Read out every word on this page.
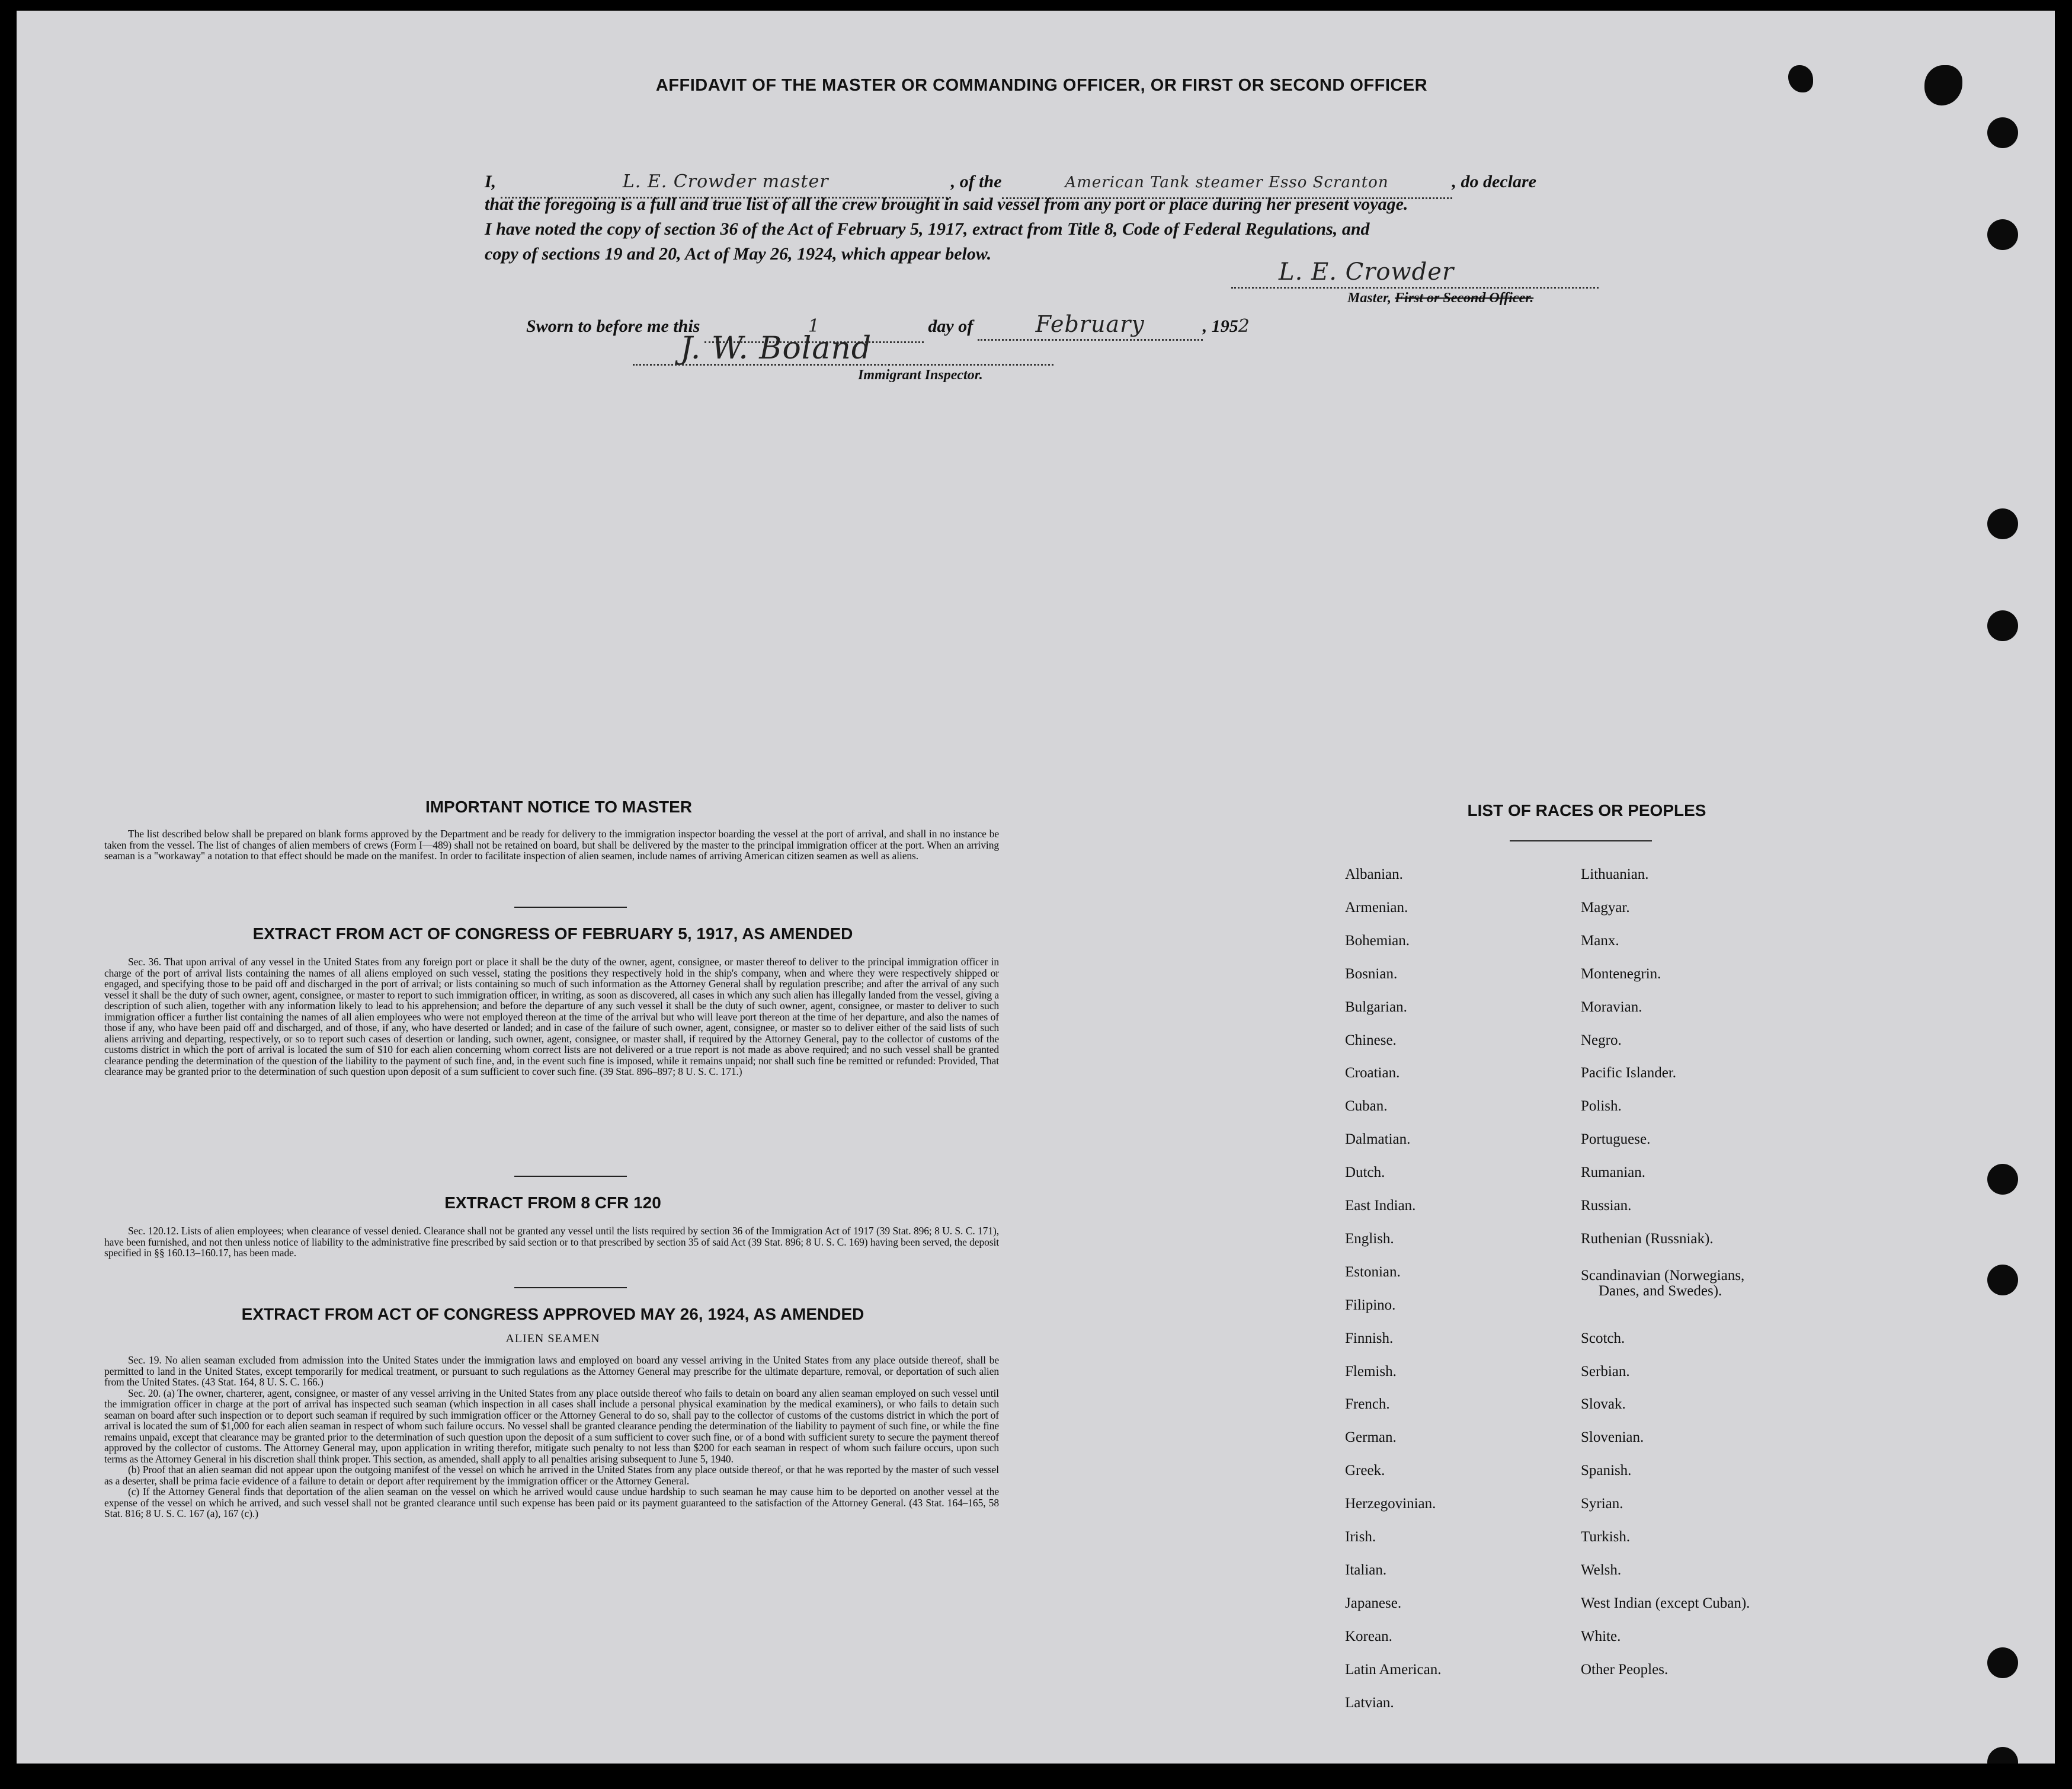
AFFIDAVIT OF THE MASTER OR COMMANDING OFFICER, OR FIRST OR SECOND OFFICER
I,	L. E. Crowder master	, of the	American Tank steamer Esso Scranton	, do declare
that the foregoing is a full and true list of all the crew brought in said vessel from any port or place during her present voyage.
I have noted the copy of section 36 of the Act of February 5, 1917, extract from Title 8, Code of Federal Regulations, and
copy of sections 19 and 20, Act of May 26, 1924, which appear below.
L. E. Crowder
Master, First or Second Officer.
Sworn to before me this	1	day of	February	, 1952
J. W. Boland
Immigrant Inspector.
IMPORTANT NOTICE TO MASTER

The list described below shall be prepared on blank forms approved by the Department and be ready for delivery to the immigration inspector boarding the vessel at the port of arrival, and shall in no instance be taken from the vessel. The list of changes of alien members of crews (Form I—489) shall not be retained on board, but shall be delivered by the master to the principal immigration officer at the port. When an arriving seaman is a "workaway" a notation to that effect should be made on the manifest. In order to facilitate inspection of alien seamen, include names of arriving American citizen seamen as well as aliens.

EXTRACT FROM ACT OF CONGRESS OF FEBRUARY 5, 1917, AS AMENDED

Sec. 36. That upon arrival of any vessel in the United States from any foreign port or place it shall be the duty of the owner, agent, consignee, or master thereof to deliver to the principal immigration officer in charge of the port of arrival lists containing the names of all aliens employed on such vessel, stating the positions they respectively hold in the ship's company, when and where they were respectively shipped or engaged, and specifying those to be paid off and discharged in the port of arrival; or lists containing so much of such information as the Attorney General shall by regulation prescribe; and after the arrival of any such vessel it shall be the duty of such owner, agent, consignee, or master to report to such immigration officer, in writing, as soon as discovered, all cases in which any such alien has illegally landed from the vessel, giving a description of such alien, together with any information likely to lead to his apprehension; and before the departure of any such vessel it shall be the duty of such owner, agent, consignee, or master to deliver to such immigration officer a further list containing the names of all alien employees who were not employed thereon at the time of the arrival but who will leave port thereon at the time of her departure, and also the names of those if any, who have been paid off and discharged, and of those, if any, who have deserted or landed; and in case of the failure of such owner, agent, consignee, or master so to deliver either of the said lists of such aliens arriving and departing, respectively, or so to report such cases of desertion or landing, such owner, agent, consignee, or master shall, if required by the Attorney General, pay to the collector of customs of the customs district in which the port of arrival is located the sum of $10 for each alien concerning whom correct lists are not delivered or a true report is not made as above required; and no such vessel shall be granted clearance pending the determination of the question of the liability to the payment of such fine, and, in the event such fine is imposed, while it remains unpaid; nor shall such fine be remitted or refunded: Provided, That clearance may be granted prior to the determination of such question upon deposit of a sum sufficient to cover such fine. (39 Stat. 896–897; 8 U. S. C. 171.)

EXTRACT FROM 8 CFR 120

Sec. 120.12. Lists of alien employees; when clearance of vessel denied. Clearance shall not be granted any vessel until the lists required by section 36 of the Immigration Act of 1917 (39 Stat. 896; 8 U. S. C. 171), have been furnished, and not then unless notice of liability to the administrative fine prescribed by said section or to that prescribed by section 35 of said Act (39 Stat. 896; 8 U. S. C. 169) having been served, the deposit specified in §§ 160.13–160.17, has been made.

EXTRACT FROM ACT OF CONGRESS APPROVED MAY 26, 1924, AS AMENDED
ALIEN SEAMEN

Sec. 19. No alien seaman excluded from admission into the United States under the immigration laws and employed on board any vessel arriving in the United States from any place outside thereof, shall be permitted to land in the United States, except temporarily for medical treatment, or pursuant to such regulations as the Attorney General may prescribe for the ultimate departure, removal, or deportation of such alien from the United States. (43 Stat. 164, 8 U. S. C. 166.)

Sec. 20. (a) The owner, charterer, agent, consignee, or master of any vessel arriving in the United States from any place outside thereof who fails to detain on board any alien seaman employed on such vessel until the immigration officer in charge at the port of arrival has inspected such seaman (which inspection in all cases shall include a personal physical examination by the medical examiners), or who fails to detain such seaman on board after such inspection or to deport such seaman if required by such immigration officer or the Attorney General to do so, shall pay to the collector of customs of the customs district in which the port of arrival is located the sum of $1,000 for each alien seaman in respect of whom such failure occurs. No vessel shall be granted clearance pending the determination of the liability to payment of such fine, or while the fine remains unpaid, except that clearance may be granted prior to the determination of such question upon the deposit of a sum sufficient to cover such fine, or of a bond with sufficient surety to secure the payment thereof approved by the collector of customs. The Attorney General may, upon application in writing therefor, mitigate such penalty to not less than $200 for each seaman in respect of whom such failure occurs, upon such terms as the Attorney General in his discretion shall think proper. This section, as amended, shall apply to all penalties arising subsequent to June 5, 1940.

(b) Proof that an alien seaman did not appear upon the outgoing manifest of the vessel on which he arrived in the United States from any place outside thereof, or that he was reported by the master of such vessel as a deserter, shall be prima facie evidence of a failure to detain or deport after requirement by the immigration officer or the Attorney General.

(c) If the Attorney General finds that deportation of the alien seaman on the vessel on which he arrived would cause undue hardship to such seaman he may cause him to be deported on another vessel at the expense of the vessel on which he arrived, and such vessel shall not be granted clearance until such expense has been paid or its payment guaranteed to the satisfaction of the Attorney General. (43 Stat. 164–165, 58 Stat. 816; 8 U. S. C. 167 (a), 167 (c).)

LIST OF RACES OR PEOPLES
Albanian.
Armenian.
Bohemian.
Bosnian.
Bulgarian.
Chinese.
Croatian.
Cuban.
Dalmatian.
Dutch.
East Indian.
English.
Estonian.
Filipino.
Finnish.
Flemish.
French.
German.
Greek.
Herzegovinian.
Irish.
Italian.
Japanese.
Korean.
Latin American.
Latvian.
Lithuanian.
Magyar.
Manx.
Montenegrin.
Moravian.
Negro.
Pacific Islander.
Polish.
Portuguese.
Rumanian.
Russian.
Ruthenian (Russniak).
Scandinavian (Norwegians,
Danes, and Swedes).
Scotch.
Serbian.
Slovak.
Slovenian.
Spanish.
Syrian.
Turkish.
Welsh.
West Indian (except Cuban).
White.
Other Peoples.
